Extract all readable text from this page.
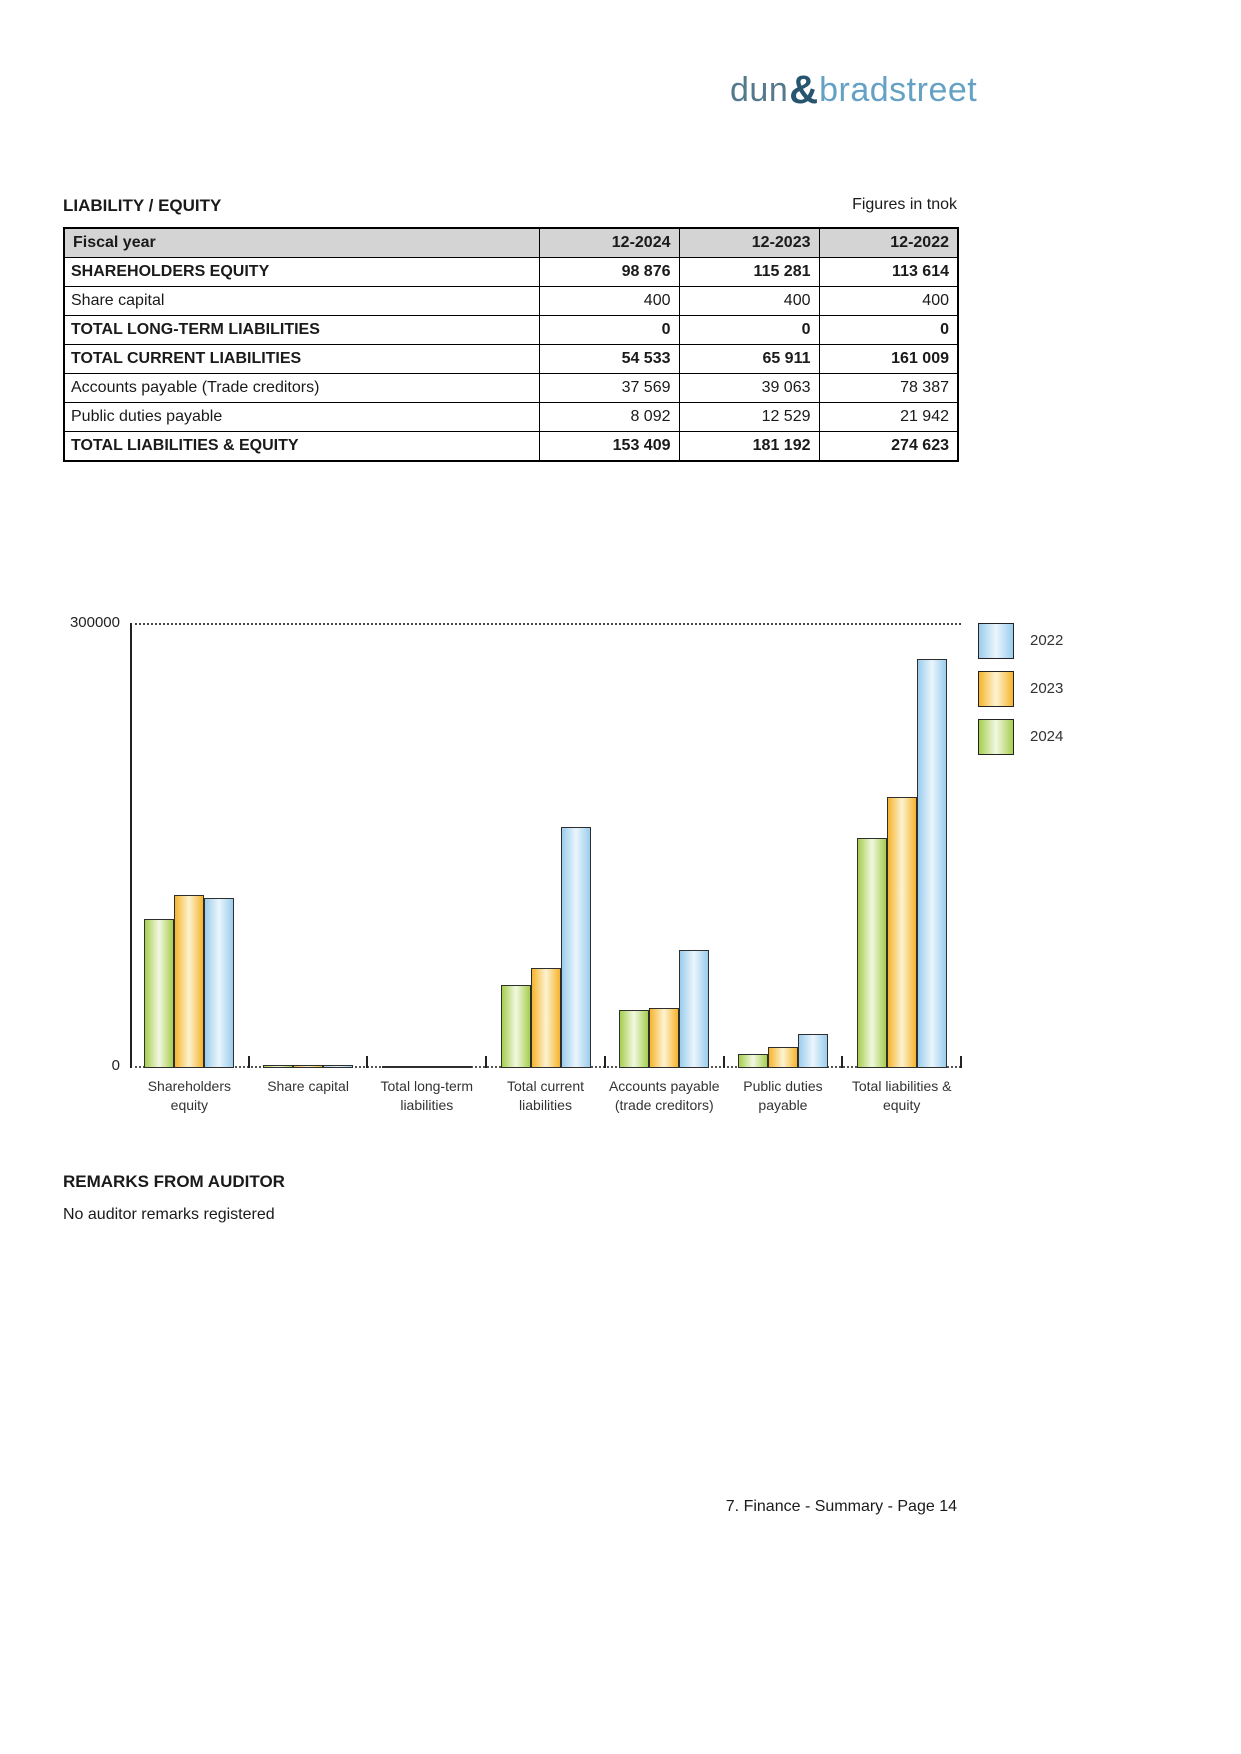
dun&bradstreet
LIABILITY / EQUITY	Figures in tnok
Fiscal year	12-2024	12-2023	12-2022
SHAREHOLDERS EQUITY	98 876	115 281	113 614
Share capital	400	400	400
TOTAL LONG-TERM LIABILITIES	0	0	0
TOTAL CURRENT LIABILITIES	54 533	65 911	161 009
Accounts payable (Trade creditors)	37 569	39 063	78 387
Public duties payable	8 092	12 529	21 942
TOTAL LIABILITIES & EQUITY	153 409	181 192	274 623
300000
0
Shareholders
equity
Share capital	Total long-term
liabilities
Total current
liabilities
Accounts payable
(trade creditors)
Public duties
payable
Total liabilities &
equity
2022
2023
2024
REMARKS FROM AUDITOR
No auditor remarks registered
7. Finance - Summary - Page 14
